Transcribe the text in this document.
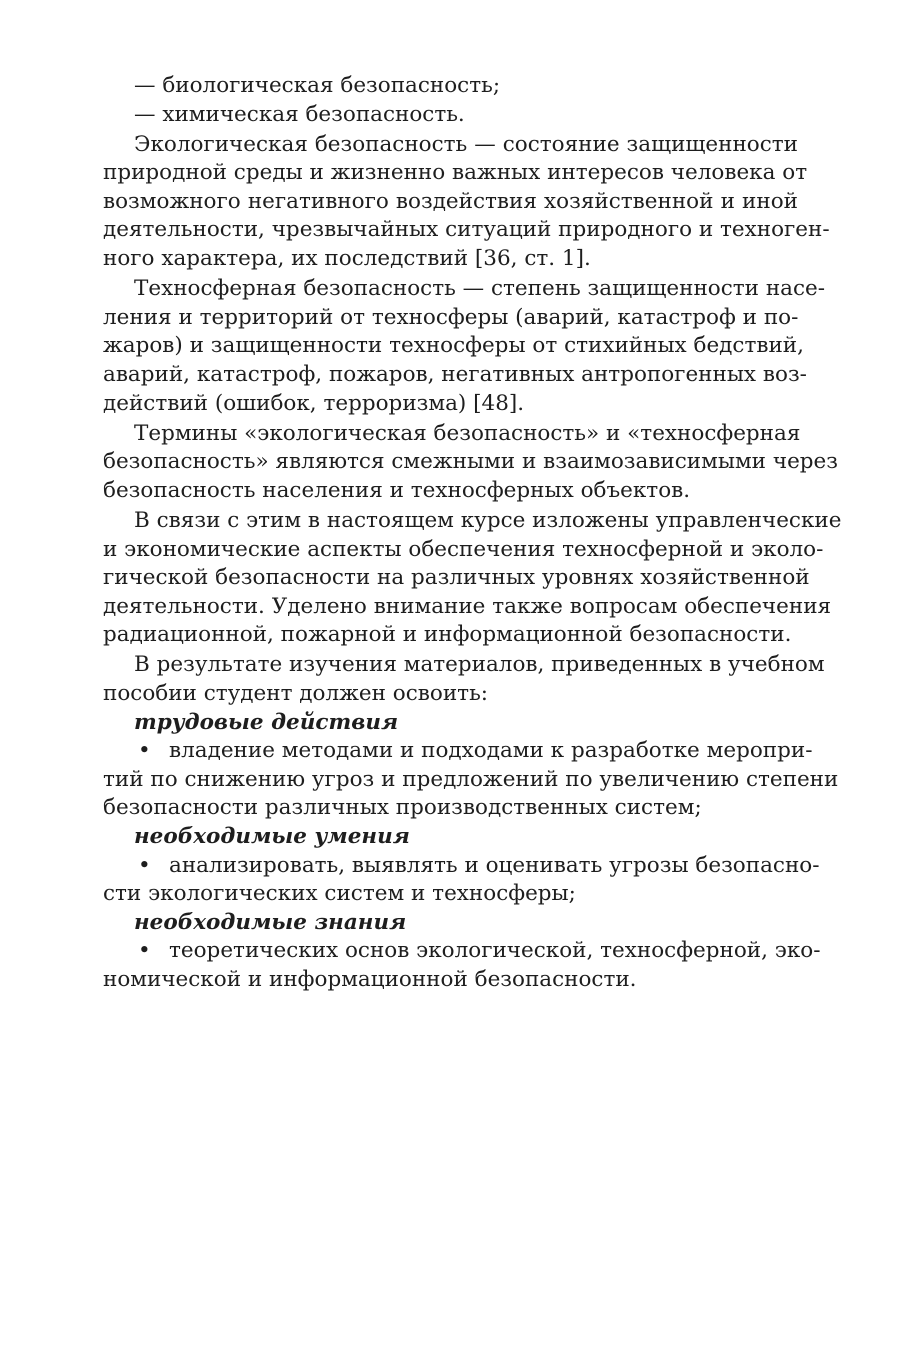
— биологическая безопасность;
— химическая безопасность.
Экологическая безопасность — состояние защищенности
природной среды и жизненно важных интересов человека от
возможного негативного воздействия хозяйственной и иной
деятельности, чрезвычайных ситуаций природного и техноген-
ного характера, их последствий [36, ст. 1].
Техносферная безопасность — степень защищенности насе-
ления и территорий от техносферы (аварий, катастроф и по-
жаров) и защищенности техносферы от стихийных бедствий,
аварий, катастроф, пожаров, негативных антропогенных воз-
действий (ошибок, терроризма) [48].
Термины «экологическая безопасность» и «техносферная
безопасность» являются смежными и взаимозависимыми через
безопасность населения и техносферных объектов.
В связи с этим в настоящем курсе изложены управленческие
и экономические аспекты обеспечения техносферной и эколо-
гической безопасности на различных уровнях хозяйственной
деятельности. Уделено внимание также вопросам обеспечения
радиационной, пожарной и информационной безопасности.
В результате изучения материалов, приведенных в учебном
пособии студент должен освоить:
трудовые действия
• владение методами и подходами к разработке меропри-
тий по снижению угроз и предложений по увеличению степени
безопасности различных производственных систем;
необходимые умения
• анализировать, выявлять и оценивать угрозы безопасно-
сти экологических систем и техносферы;
необходимые знания
• теоретических основ экологической, техносферной, эко-
номической и информационной безопасности.
